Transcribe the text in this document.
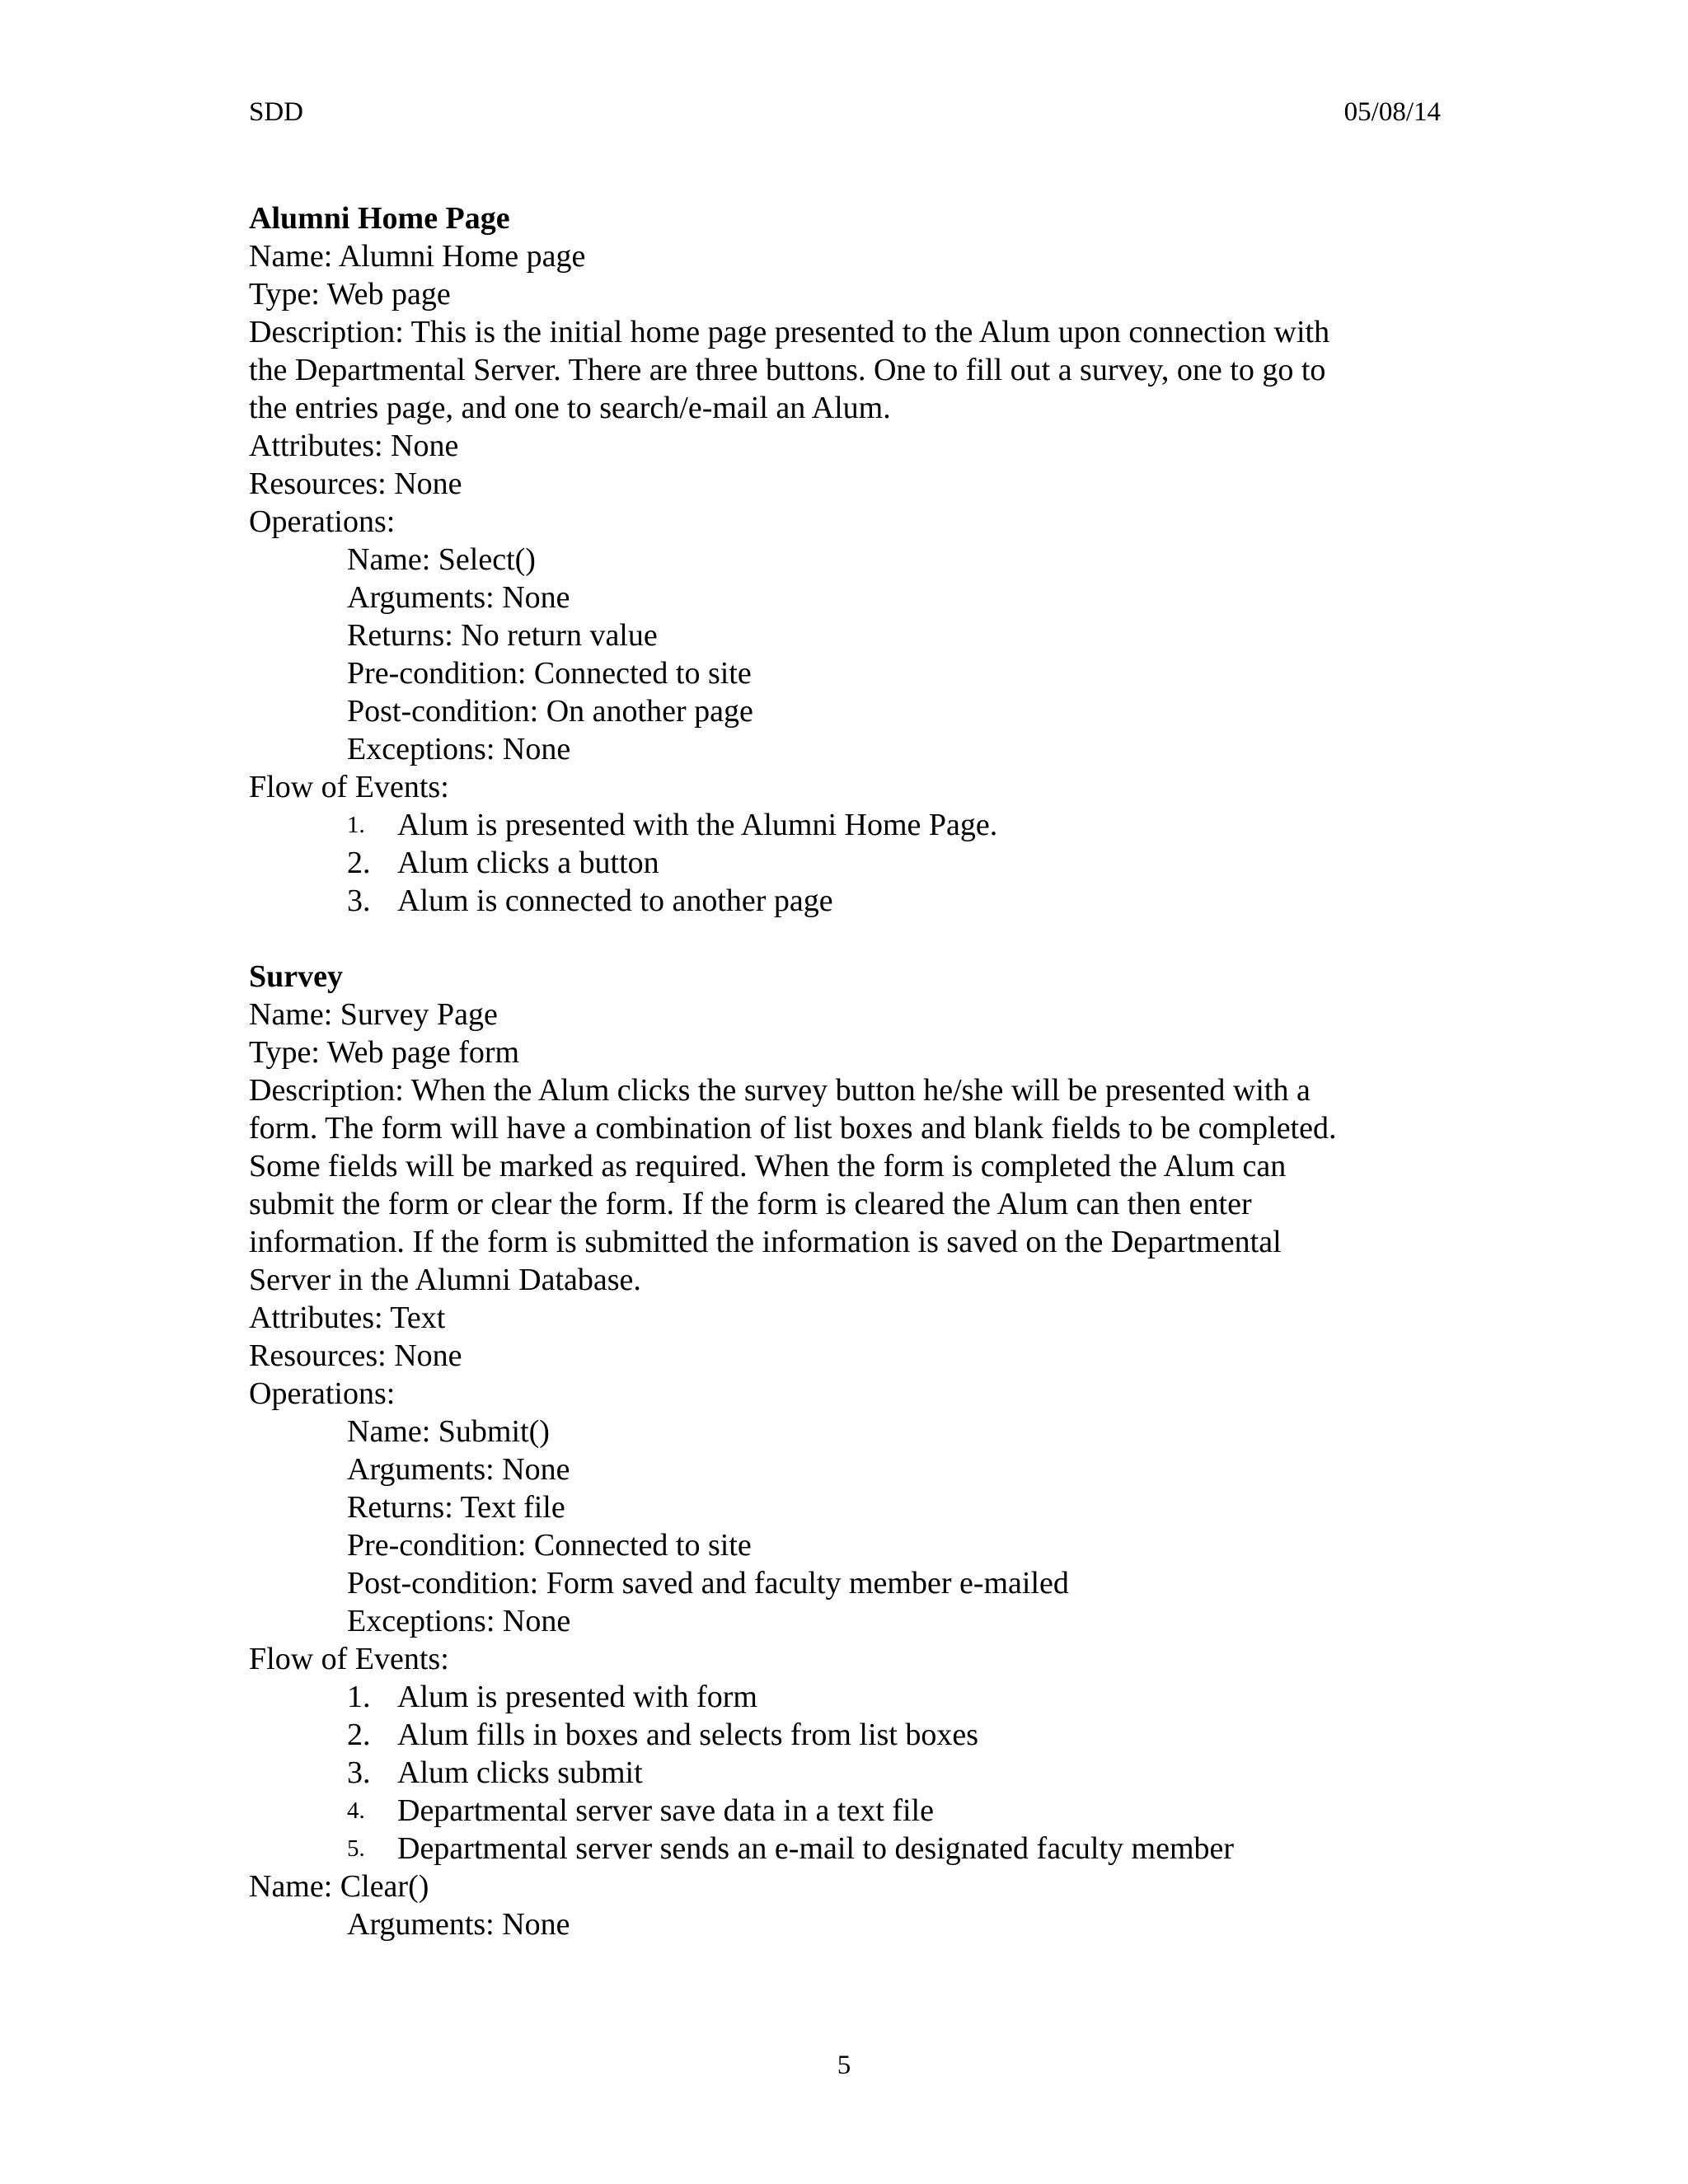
SDD	05/08/14
Alumni Home Page
Name: Alumni Home page
Type: Web page
Description: This is the initial home page presented to the Alum upon connection with
the Departmental Server. There are three buttons. One to fill out a survey, one to go to
the entries page, and one to search/e-mail an Alum.
Attributes: None
Resources: None
Operations:
Name: Select()
Arguments: None
Returns: No return value
Pre-condition: Connected to site
Post-condition: On another page
Exceptions: None
Flow of Events:
1. Alum is presented with the Alumni Home Page.
2. Alum clicks a button
3. Alum is connected to another page
Survey
Name: Survey Page
Type: Web page form
Description: When the Alum clicks the survey button he/she will be presented with a
form. The form will have a combination of list boxes and blank fields to be completed.
Some fields will be marked as required. When the form is completed the Alum can
submit the form or clear the form. If the form is cleared the Alum can then enter
information. If the form is submitted the information is saved on the Departmental
Server in the Alumni Database.
Attributes: Text
Resources: None
Operations:
Name: Submit()
Arguments: None
Returns: Text file
Pre-condition: Connected to site
Post-condition: Form saved and faculty member e-mailed
Exceptions: None
Flow of Events:
1. Alum is presented with form
2. Alum fills in boxes and selects from list boxes
3. Alum clicks submit
4. Departmental server save data in a text file
5. Departmental server sends an e-mail to designated faculty member
Name: Clear()
Arguments: None
5
